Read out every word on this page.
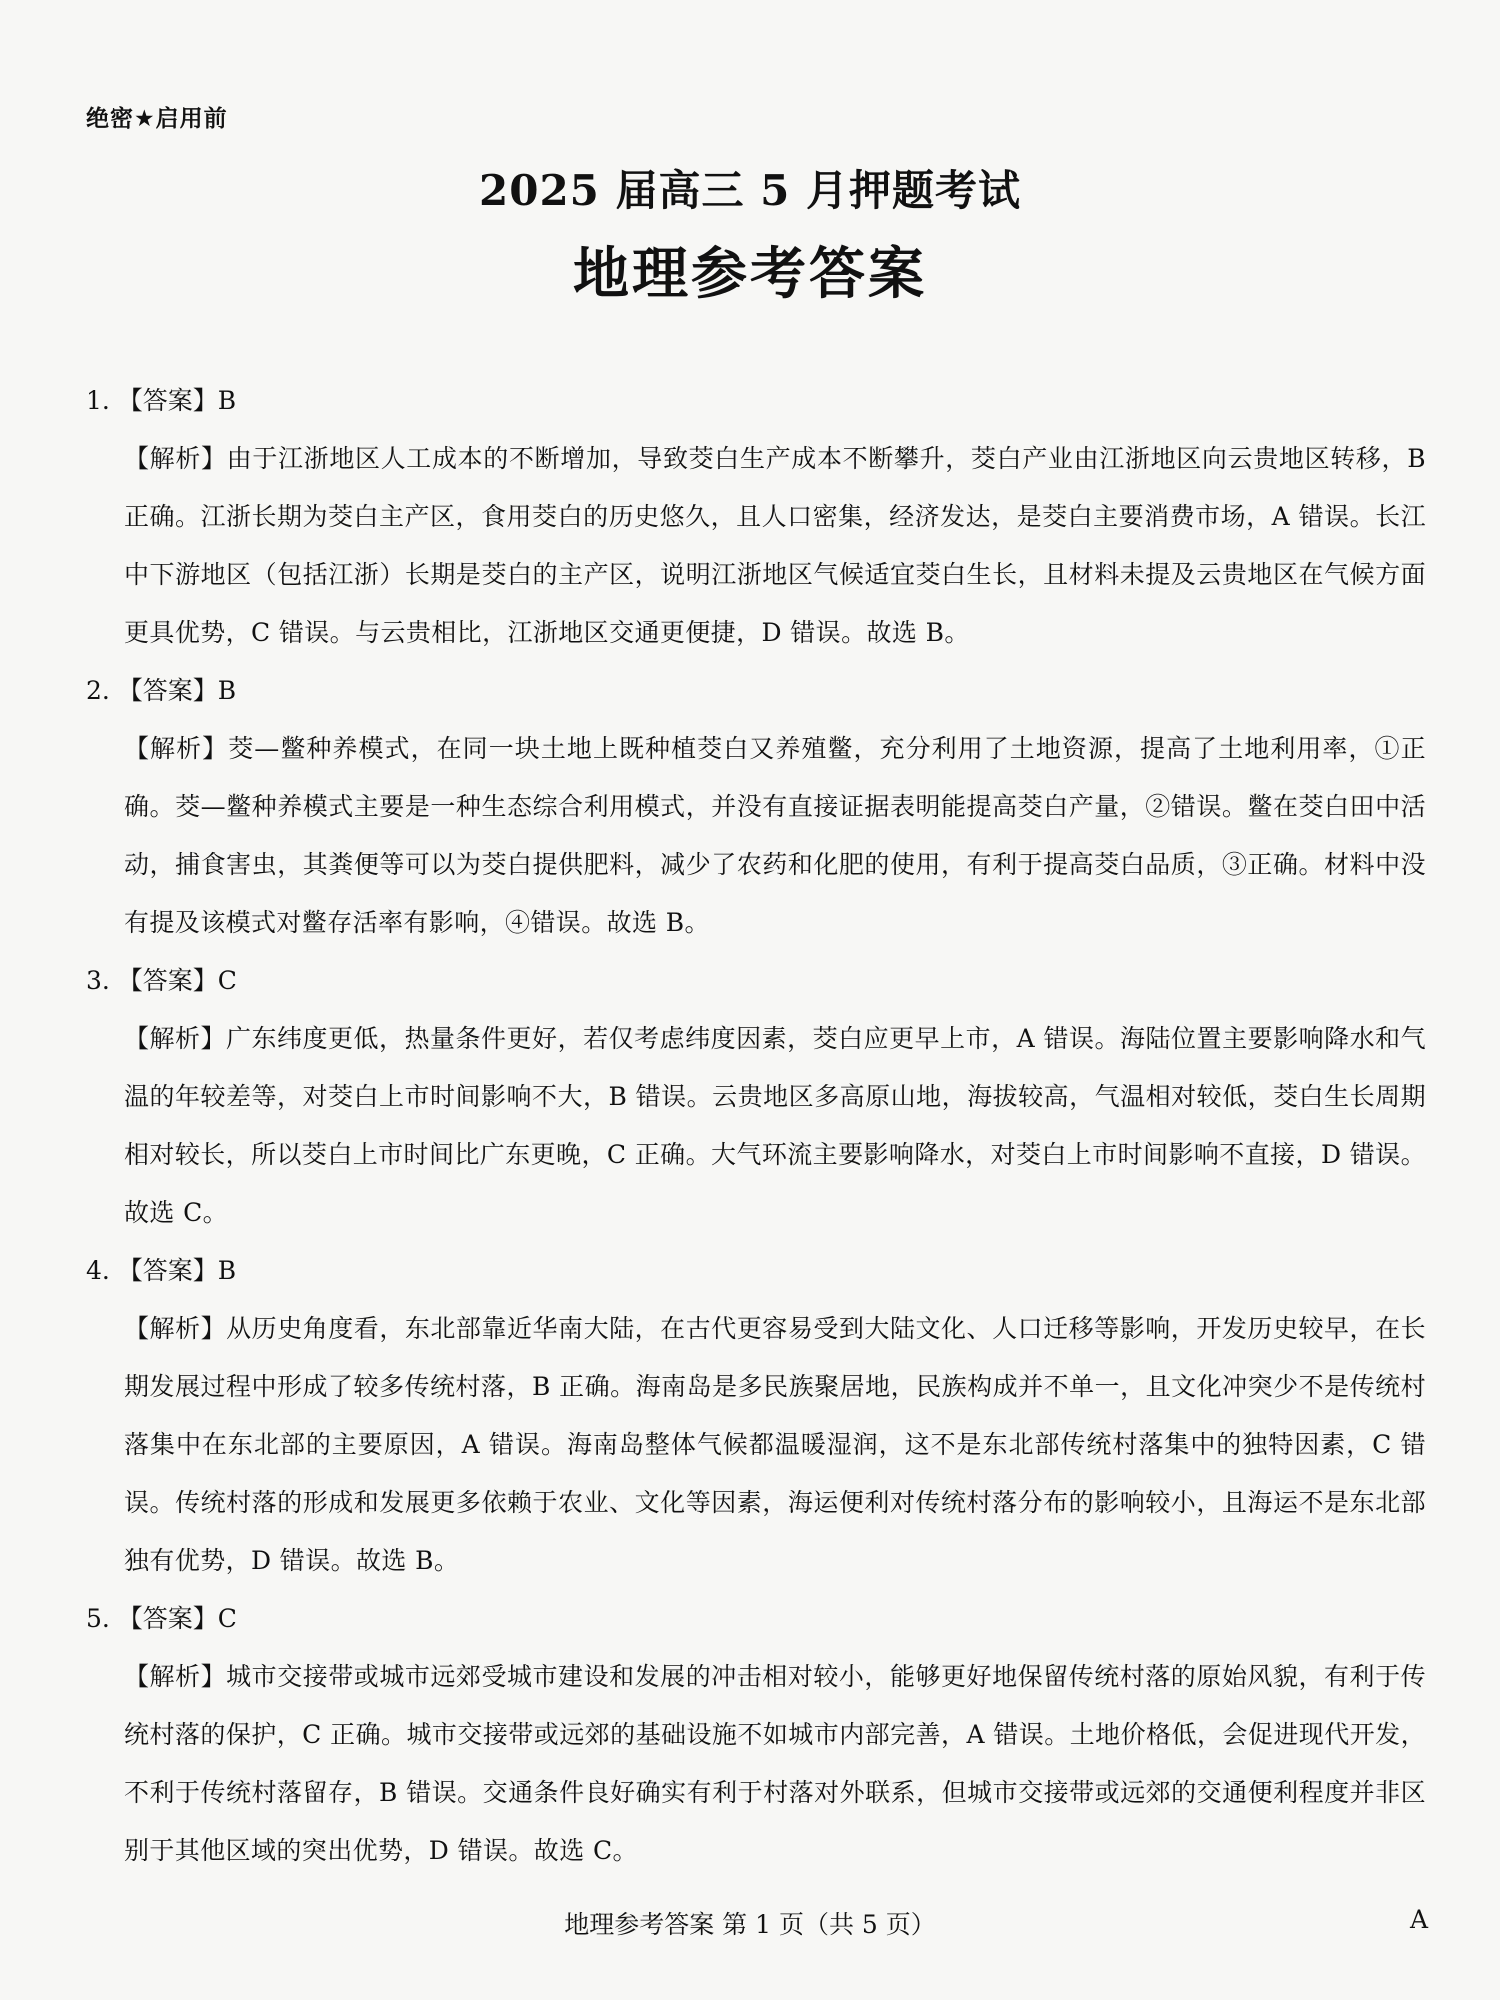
绝密★启用前
2025 届高三 5 月押题考试
地理参考答案
1. 【答案】B
【解析】由于江浙地区人工成本的不断增加，导致茭白生产成本不断攀升，茭白产业由江浙地区向云贵地区转移，B 正确。江浙长期为茭白主产区，食用茭白的历史悠久，且人口密集，经济发达，是茭白主要消费市场，A 错误。长江中下游地区（包括江浙）长期是茭白的主产区，说明江浙地区气候适宜茭白生长，且材料未提及云贵地区在气候方面更具优势，C 错误。与云贵相比，江浙地区交通更便捷，D 错误。故选 B。
2. 【答案】B
【解析】茭—鳖种养模式，在同一块土地上既种植茭白又养殖鳖，充分利用了土地资源，提高了土地利用率，①正确。茭—鳖种养模式主要是一种生态综合利用模式，并没有直接证据表明能提高茭白产量，②错误。鳖在茭白田中活动，捕食害虫，其粪便等可以为茭白提供肥料，减少了农药和化肥的使用，有利于提高茭白品质，③正确。材料中没有提及该模式对鳖存活率有影响，④错误。故选 B。
3. 【答案】C
【解析】广东纬度更低，热量条件更好，若仅考虑纬度因素，茭白应更早上市，A 错误。海陆位置主要影响降水和气温的年较差等，对茭白上市时间影响不大，B 错误。云贵地区多高原山地，海拔较高，气温相对较低，茭白生长周期相对较长，所以茭白上市时间比广东更晚，C 正确。大气环流主要影响降水，对茭白上市时间影响不直接，D 错误。故选 C。
4. 【答案】B
【解析】从历史角度看，东北部靠近华南大陆，在古代更容易受到大陆文化、人口迁移等影响，开发历史较早，在长期发展过程中形成了较多传统村落，B 正确。海南岛是多民族聚居地，民族构成并不单一，且文化冲突少不是传统村落集中在东北部的主要原因，A 错误。海南岛整体气候都温暖湿润，这不是东北部传统村落集中的独特因素，C 错误。传统村落的形成和发展更多依赖于农业、文化等因素，海运便利对传统村落分布的影响较小，且海运不是东北部独有优势，D 错误。故选 B。
5. 【答案】C
【解析】城市交接带或城市远郊受城市建设和发展的冲击相对较小，能够更好地保留传统村落的原始风貌，有利于传统村落的保护，C 正确。城市交接带或远郊的基础设施不如城市内部完善，A 错误。土地价格低，会促进现代开发，不利于传统村落留存，B 错误。交通条件良好确实有利于村落对外联系，但城市交接带或远郊的交通便利程度并非区别于其他区域的突出优势，D 错误。故选 C。
地理参考答案 第 1 页（共 5 页）	A
